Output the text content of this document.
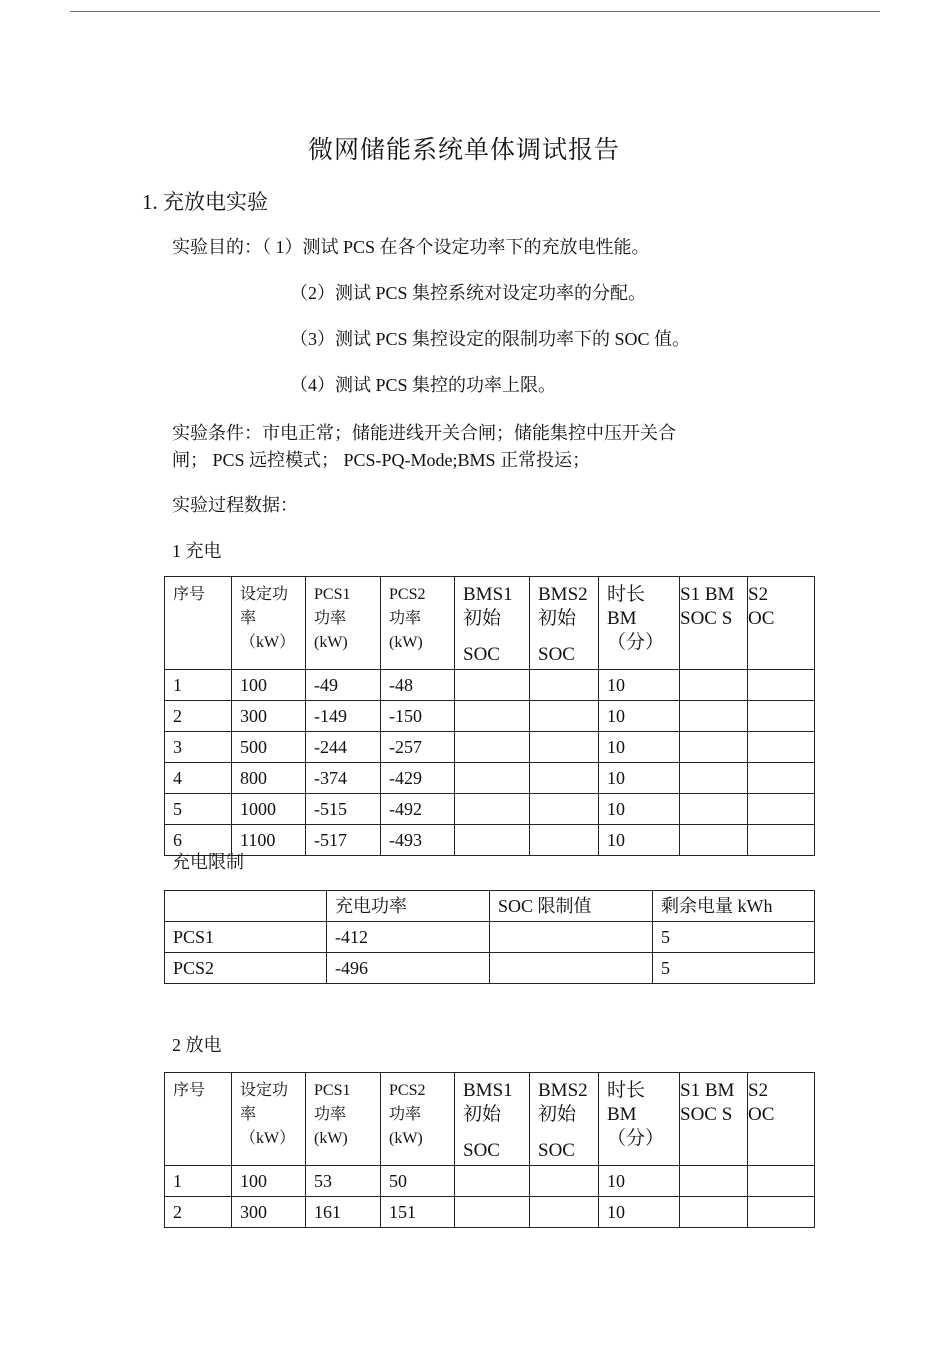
微网储能系统单体调试报告
1. 充放电实验
实验目的：（ 1）测试 PCS 在各个设定功率下的充放电性能。
（2）测试 PCS 集控系统对设定功率的分配。
（3）测试 PCS 集控设定的限制功率下的 SOC 值。
（4）测试 PCS 集控的功率上限。
实验条件：市电正常；储能进线开关合闸；储能集控中压开关合
闸； PCS 远控模式； PCS-PQ-Mode;BMS 正常投运；
实验过程数据：
1 充电
序号	设定功
率
（kW）	PCS1
功率
(kW)	PCS2
功率
(kW)	BMS1
初始
SOC	BMS2
初始
SOC	时长 BM
（分）	S1 BM
SOC S	S2
OC

1	100	-49	-48			10		
2	300	-149	-150			10		
3	500	-244	-257			10		
4	800	-374	-429			10		
5	1000	-515	-492			10		
6	1100	-517	-493			10		
充电限制
	充电功率	SOC 限制值	剩余电量 kWh
PCS1	-412		5
PCS2	-496		5
2 放电
序号	设定功
率
（kW）	PCS1
功率
(kW)	PCS2
功率
(kW)	BMS1
初始
SOC	BMS2
初始
SOC	时长 BM
（分）	S1 BM
SOC S	S2
OC

1	100	53	50			10		
2	300	161	151			10		
